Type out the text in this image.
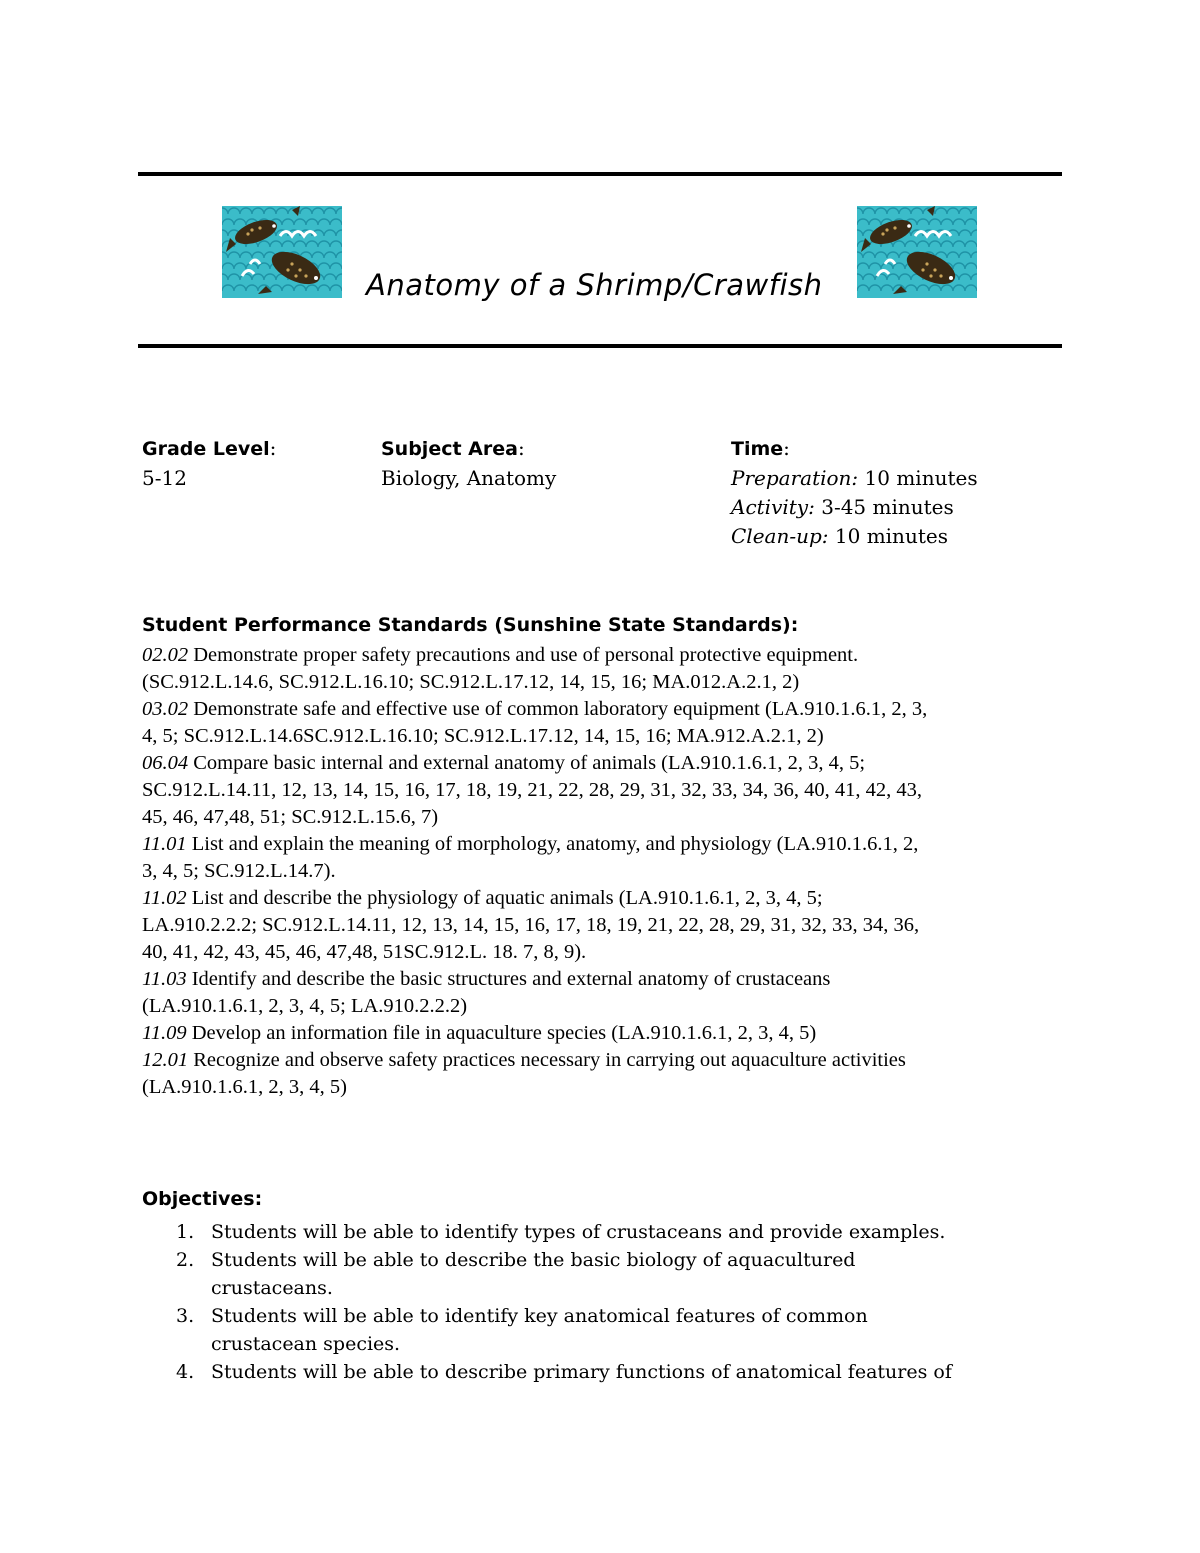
Anatomy of a Shrimp/Crawfish
Grade Level:
5-12
Subject Area:
Biology, Anatomy
Time:
Preparation: 10 minutes
Activity: 3-45 minutes
Clean-up: 10 minutes
Student Performance Standards (Sunshine State Standards):
02.02 Demonstrate proper safety precautions and use of personal protective equipment.
(SC.912.L.14.6, SC.912.L.16.10; SC.912.L.17.12, 14, 15, 16; MA.012.A.2.1, 2)
03.02 Demonstrate safe and effective use of common laboratory equipment (LA.910.1.6.1, 2, 3,
4, 5; SC.912.L.14.6SC.912.L.16.10; SC.912.L.17.12, 14, 15, 16; MA.912.A.2.1, 2)
06.04 Compare basic internal and external anatomy of animals (LA.910.1.6.1, 2, 3, 4, 5;
SC.912.L.14.11, 12, 13, 14, 15, 16, 17, 18, 19, 21, 22, 28, 29, 31, 32, 33, 34, 36, 40, 41, 42, 43,
45, 46, 47,48, 51; SC.912.L.15.6, 7)
11.01 List and explain the meaning of morphology, anatomy, and physiology (LA.910.1.6.1, 2,
3, 4, 5; SC.912.L.14.7).
11.02 List and describe the physiology of aquatic animals (LA.910.1.6.1, 2, 3, 4, 5;
LA.910.2.2.2; SC.912.L.14.11, 12, 13, 14, 15, 16, 17, 18, 19, 21, 22, 28, 29, 31, 32, 33, 34, 36,
40, 41, 42, 43, 45, 46, 47,48, 51SC.912.L. 18. 7, 8, 9).
11.03 Identify and describe the basic structures and external anatomy of crustaceans
(LA.910.1.6.1, 2, 3, 4, 5; LA.910.2.2.2)
11.09 Develop an information file in aquaculture species (LA.910.1.6.1, 2, 3, 4, 5)
12.01 Recognize and observe safety practices necessary in carrying out aquaculture activities
(LA.910.1.6.1, 2, 3, 4, 5)
Objectives:
1. Students will be able to identify types of crustaceans and provide examples.
2. Students will be able to describe the basic biology of aquacultured
crustaceans.
3. Students will be able to identify key anatomical features of common
crustacean species.
4. Students will be able to describe primary functions of anatomical features of
